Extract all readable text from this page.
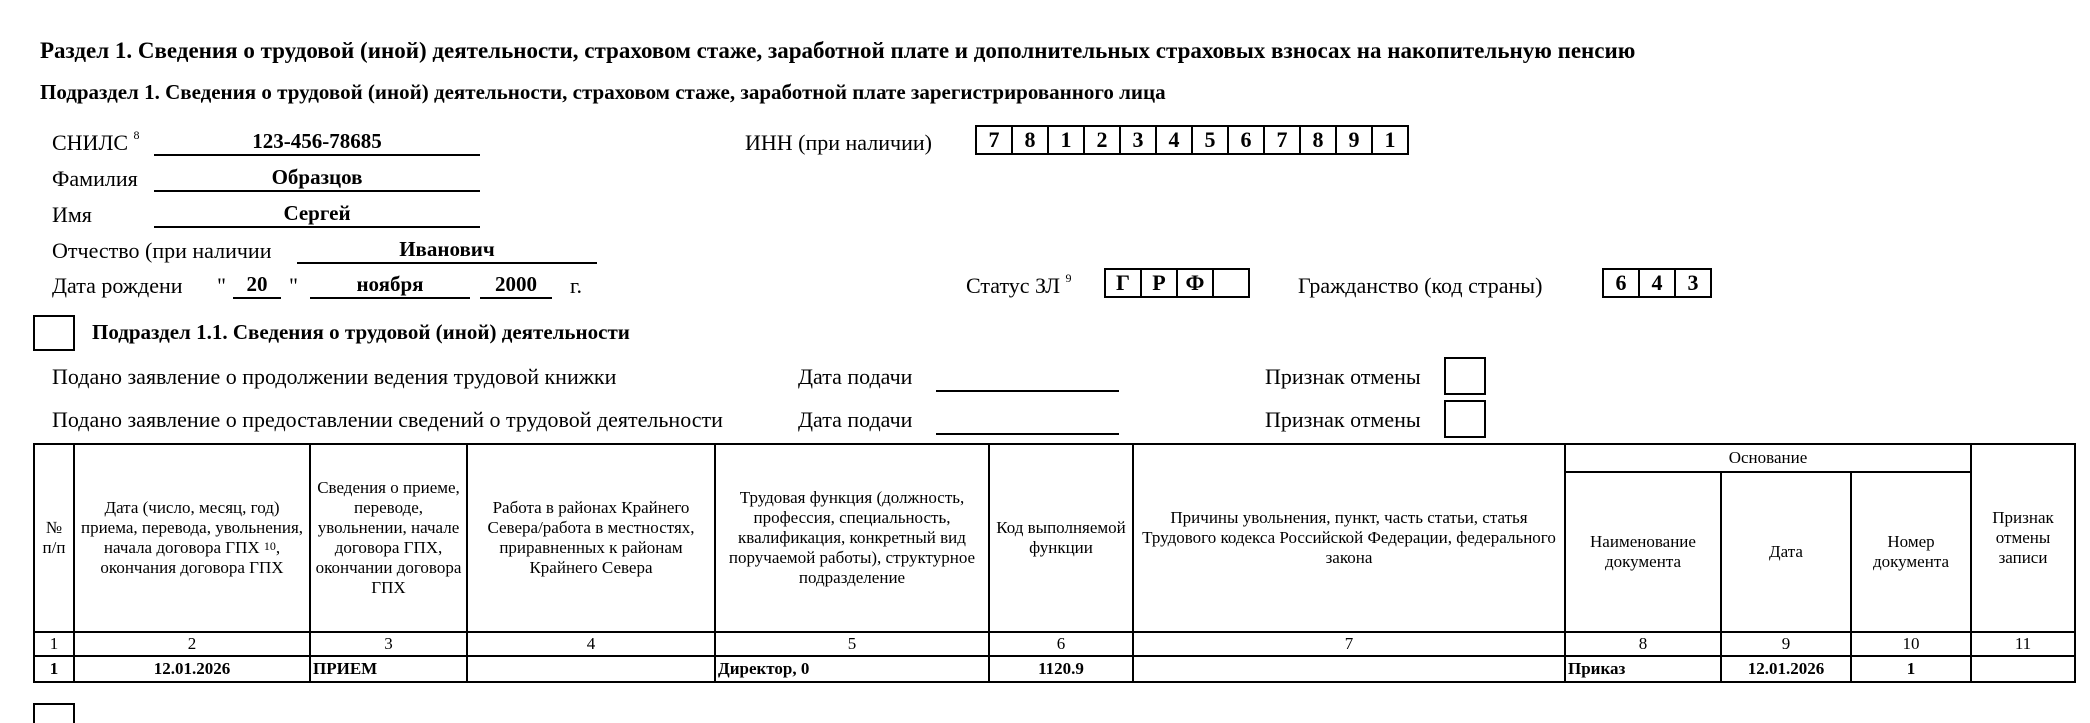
Раздел 1. Сведения о трудовой (иной) деятельности, страховом стаже, заработной плате и дополнительных страховых взносах на накопительную пенсию
Подраздел 1. Сведения о трудовой (иной) деятельности, страховом стаже, заработной плате зарегистрированного лица
СНИЛС $^8$	123-456-78685
Фамилия	Образцов
Имя	Сергей
Отчество (при наличии	Иванович
Дата рождени " 20 "	ноября	2000	г.
ИНН (при наличии)	7	8	1	2	3	4	5	6	7	8	9	1
Статус ЗЛ $^9$	Г	Р Ф	Гражданство (код страны)	6	4	3
Подраздел 1.1. Сведения о трудовой (иной) деятельности
Подано заявление о продолжении ведения трудовой книжки	Дата подачи	Признак отмены
Подано заявление о предоставлении сведений о трудовой деятельности	Дата подачи	Признак отмены
№ п/п	Дата (число, месяц, год) приема, перевода, увольнения, начала договора ГПХ $^{10}$, окончания договора ГПХ	Сведения о приеме, переводе, увольнении, начале договора ГПХ, окончании договора ГПХ	Работа в районах Крайнего Севера/работа в местностях, приравненных к районам Крайнего Севера	Трудовая функция (должность, профессия, специальность, квалификация, конкретный вид поручаемой работы), структурное подразделение	Код выполняемой функции	Причины увольнения, пункт, часть статьи, статья Трудового кодекса Российской Федерации, федерального закона	Основание			Признак отмены записи
							Наименование документа	Дата	Номер документа	
1	2	3	4	5	6	7	8	9	10	11
1	12.01.2026	ПРИЕМ		Директор, 0	1120.9		Приказ	12.01.2026	1	
